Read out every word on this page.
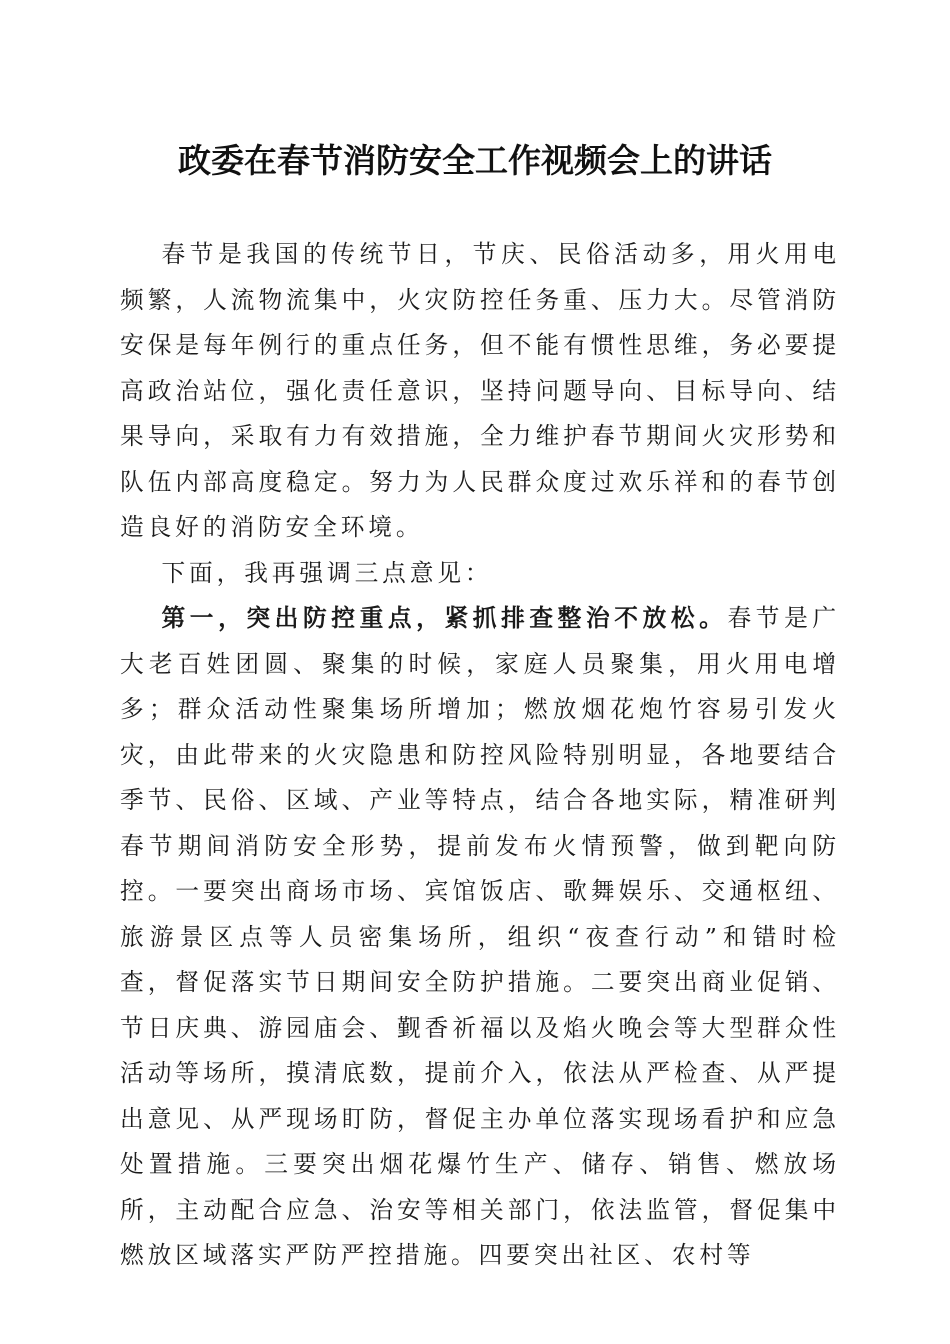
政委在春节消防安全工作视频会上的讲话

春节是我国的传统节日，节庆、民俗活动多，用火用电频繁，人流物流集中，火灾防控任务重、压力大。尽管消防安保是每年例行的重点任务，但不能有惯性思维，务必要提高政治站位，强化责任意识，坚持问题导向、目标导向、结果导向，采取有力有效措施，全力维护春节期间火灾形势和队伍内部高度稳定。努力为人民群众度过欢乐祥和的春节创造良好的消防安全环境。

下面，我再强调三点意见：

第一，突出防控重点，紧抓排查整治不放松。春节是广大老百姓团圆、聚集的时候，家庭人员聚集，用火用电增多；群众活动性聚集场所增加；燃放烟花炮竹容易引发火灾，由此带来的火灾隐患和防控风险特别明显，各地要结合季节、民俗、区域、产业等特点，结合各地实际，精准研判春节期间消防安全形势，提前发布火情预警，做到靶向防控。一要突出商场市场、宾馆饭店、歌舞娱乐、交通枢纽、旅游景区点等人员密集场所，组织“夜查行动”和错时检查，督促落实节日期间安全防护措施。二要突出商业促销、节日庆典、游园庙会、觐香祈福以及焰火晚会等大型群众性活动等场所，摸清底数，提前介入，依法从严检查、从严提出意见、从严现场盯防，督促主办单位落实现场看护和应急处置措施。三要突出烟花爆竹生产、储存、销售、燃放场所，主动配合应急、治安等相关部门，依法监管，督促集中燃放区域落实严防严控措施。四要突出社区、农村等
